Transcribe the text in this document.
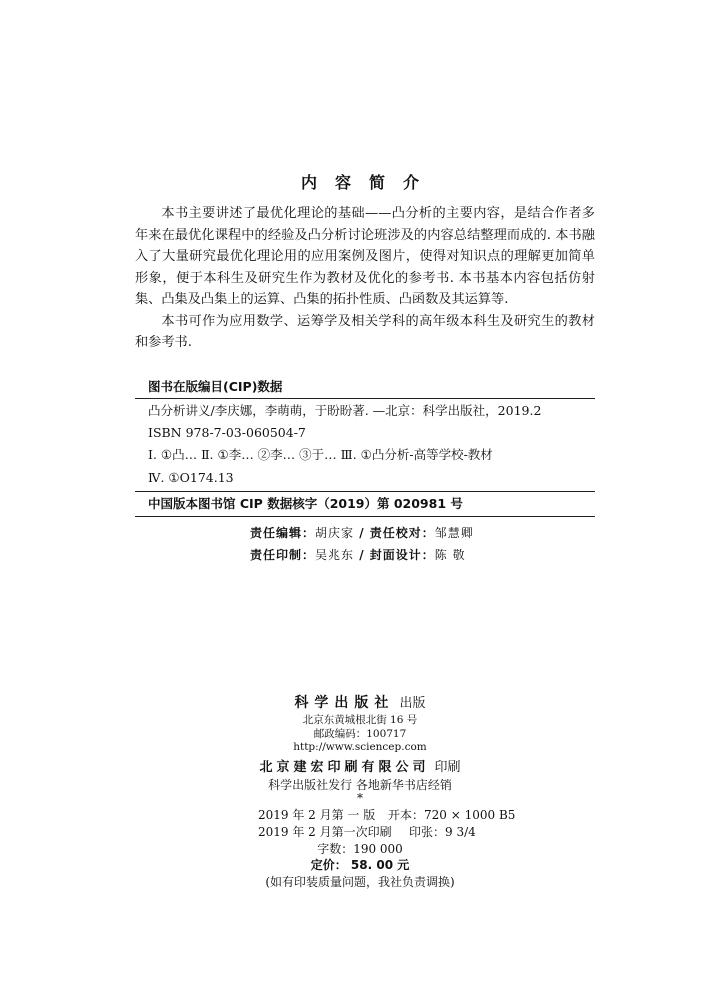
内容简介

本书主要讲述了最优化理论的基础——凸分析的主要内容，是结合作者多年来在最优化课程中的经验及凸分析讨论班涉及的内容总结整理而成的. 本书融入了大量研究最优化理论用的应用案例及图片，使得对知识点的理解更加简单形象，便于本科生及研究生作为教材及优化的参考书. 本书基本内容包括仿射集、凸集及凸集上的运算、凸集的拓扑性质、凸函数及其运算等.

本书可作为应用数学、运筹学及相关学科的高年级本科生及研究生的教材和参考书.

图书在版编目(CIP)数据
凸分析讲义/李庆娜，李萌萌，于盼盼著. —北京：科学出版社，2019.2
ISBN 978-7-03-060504-7
Ⅰ. ①凸… Ⅱ. ①李… ②李… ③于… Ⅲ. ①凸分析-高等学校-教材
Ⅳ. ①O174.13
中国版本图书馆 CIP 数据核字（2019）第 020981 号
责任编辑：胡庆家 / 责任校对：邹慧卿
责任印制：吴兆东 / 封面设计：陈 敬
科学出版社 出版
北京东黄城根北街 16 号
邮政编码：100717
http://www.sciencep.com
北京建宏印刷有限公司 印刷
科学出版社发行 各地新华书店经销
*
2019 年 2 月第 一 版 开本：720 × 1000 B5
2019 年 2 月第一次印刷 印张：9 3/4
字数：190 000
定价： 58. 00 元
(如有印装质量问题，我社负责调换)
